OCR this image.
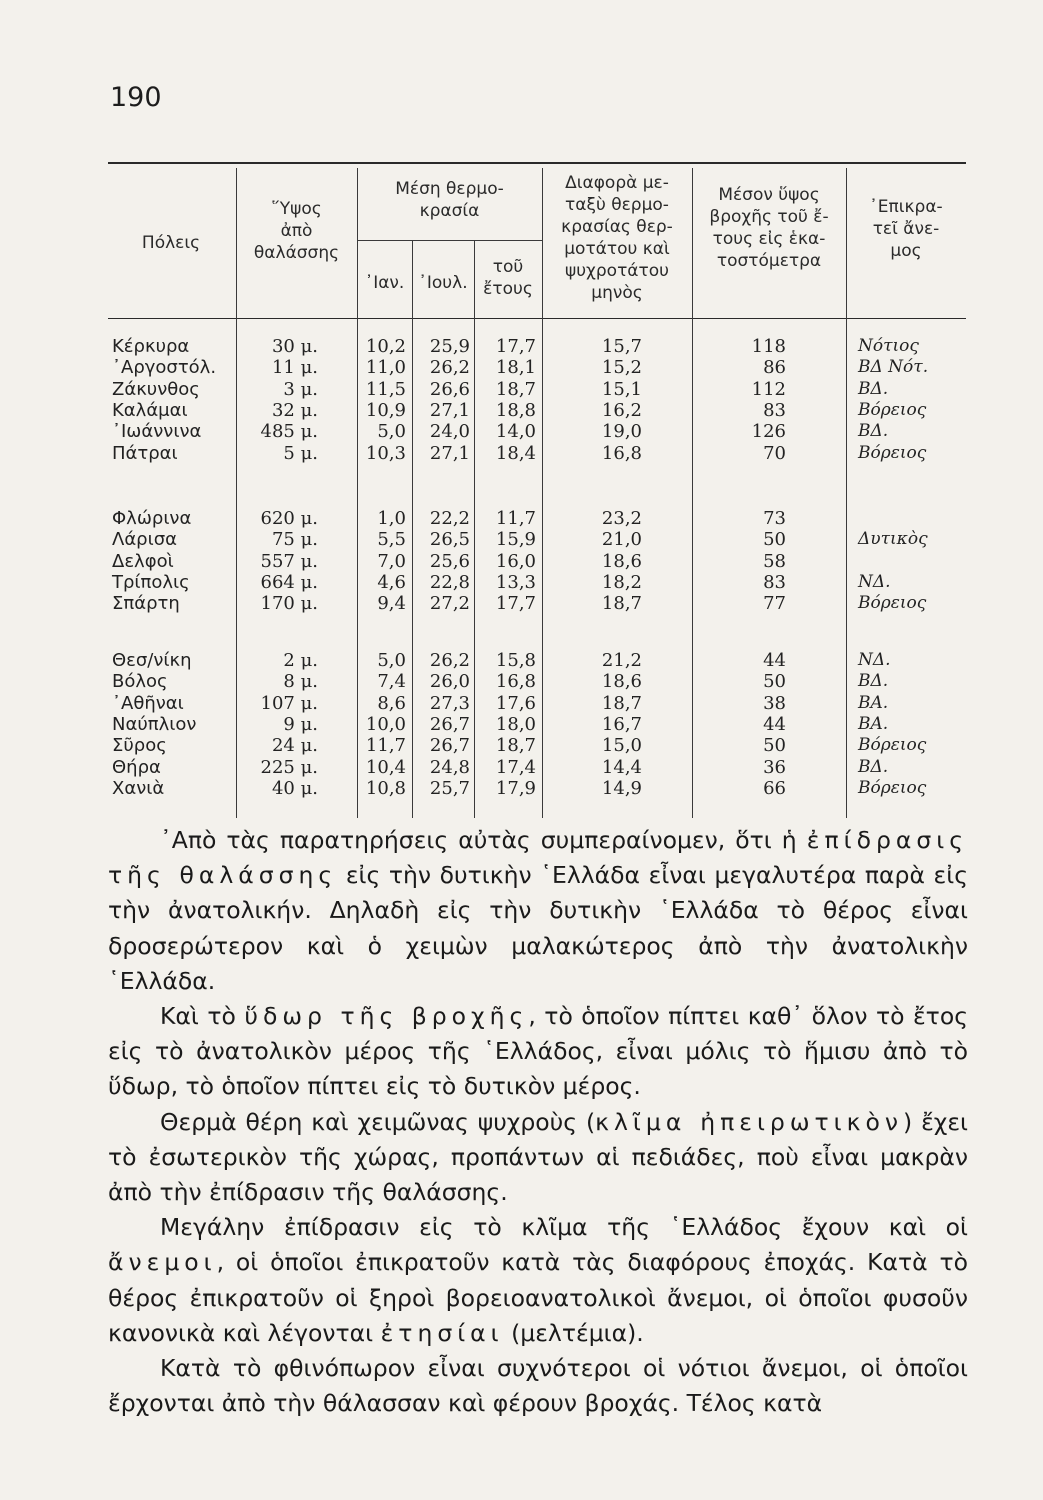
190
Πόλεις
῞Υψος
ἀπὸ
θαλάσσης
Μέση θερμο-
κρασία
᾿Ιαν. ᾿Ιουλ.
τοῦ
ἔτους
Διαφορὰ με-
ταξὺ θερμο-
κρασίας θερ-
μοτάτου καὶ
ψυχροτάτου
μηνὸς
Μέσον ὕψος
βροχῆς τοῦ ἔ-
τους εἰς ἑκα-
τοστόμετρα
᾿Επικρα-
τεῖ ἄνε-
μος
Κέρκυρα	30 μ.	10,2	25,9	17,7	15,7	118	Νότιος
᾿Αργοστόλ.	11 μ.	11,0	26,2	18,1	15,2	86	ΒΔ Νότ.
Ζάκυνθος	3 μ.	11,5	26,6	18,7	15,1	112	ΒΔ.
Καλάμαι	32 μ.	10,9	27,1	18,8	16,2	83	Βόρειος
᾿Ιωάννινα	485 μ.	5,0	24,0	14,0	19,0	126	ΒΔ.
Πάτραι	5 μ.	10,3	27,1	18,4	16,8	70	Βόρειος
Φλώρινα	620 μ.	1,0	22,2	11,7	23,2	73
Λάρισα	75 μ.	5,5	26,5	15,9	21,0	50	Δυτικὸς
Δελφοὶ	557 μ.	7,0	25,6	16,0	18,6	58
Τρίπολις	664 μ.	4,6	22,8	13,3	18,2	83	ΝΔ.
Σπάρτη	170 μ.	9,4	27,2	17,7	18,7	77	Βόρειος
Θεσ/νίκη	2 μ.	5,0	26,2	15,8	21,2	44	ΝΔ.
Βόλος	8 μ.	7,4	26,0	16,8	18,6	50	ΒΔ.
᾿Αθῆναι	107 μ.	8,6	27,3	17,6	18,7	38	ΒΑ.
Ναύπλιον	9 μ.	10,0	26,7	18,0	16,7	44	ΒΑ.
Σῦρος	24 μ.	11,7	26,7	18,7	15,0	50	Βόρειος
Θήρα	225 μ.	10,4	24,8	17,4	14,4	36	ΒΔ.
Χανιὰ	40 μ.	10,8	25,7	17,9	14,9	66	Βόρειος

᾿Απὸ τὰς παρατηρήσεις αὐτὰς συμπεραίνομεν, ὅτι ἡ ἐπίδρασις τῆς θαλάσσης εἰς τὴν δυτικὴν ῾Ελλάδα εἶναι μεγαλυτέρα παρὰ εἰς τὴν ἀνατολικήν. Δηλαδὴ εἰς τὴν δυτικὴν ῾Ελλάδα τὸ θέρος εἶναι δροσερώτερον καὶ ὁ χειμὼν μαλακώτερος ἀπὸ τὴν ἀνατολικὴν ῾Ελλάδα.

Καὶ τὸ ὕδωρ τῆς βροχῆς, τὸ ὁποῖον πίπτει καθ᾿ ὅλον τὸ ἔτος εἰς τὸ ἀνατολικὸν μέρος τῆς ῾Ελλάδος, εἶναι μόλις τὸ ἥμισυ ἀπὸ τὸ ὕδωρ, τὸ ὁποῖον πίπτει εἰς τὸ δυτικὸν μέρος.

Θερμὰ θέρη καὶ χειμῶνας ψυχροὺς (κλῖμα ἠπειρωτικὸν) ἔχει τὸ ἐσωτερικὸν τῆς χώρας, προπάντων αἱ πεδιάδες, ποὺ εἶναι μακρὰν ἀπὸ τὴν ἐπίδρασιν τῆς θαλάσσης.

Μεγάλην ἐπίδρασιν εἰς τὸ κλῖμα τῆς ῾Ελλάδος ἔχουν καὶ οἱ ἄνεμοι, οἱ ὁποῖοι ἐπικρατοῦν κατὰ τὰς διαφόρους ἐποχάς. Κατὰ τὸ θέρος ἐπικρατοῦν οἱ ξηροὶ βορειοανατολικοὶ ἄνεμοι, οἱ ὁποῖοι φυσοῦν κανονικὰ καὶ λέγονται ἐτησίαι (μελτέμια).

Κατὰ τὸ φθινόπωρον εἶναι συχνότεροι οἱ νότιοι ἄνεμοι, οἱ ὁποῖοι ἔρχονται ἀπὸ τὴν θάλασσαν καὶ φέρουν βροχάς. Τέλος κατὰ
